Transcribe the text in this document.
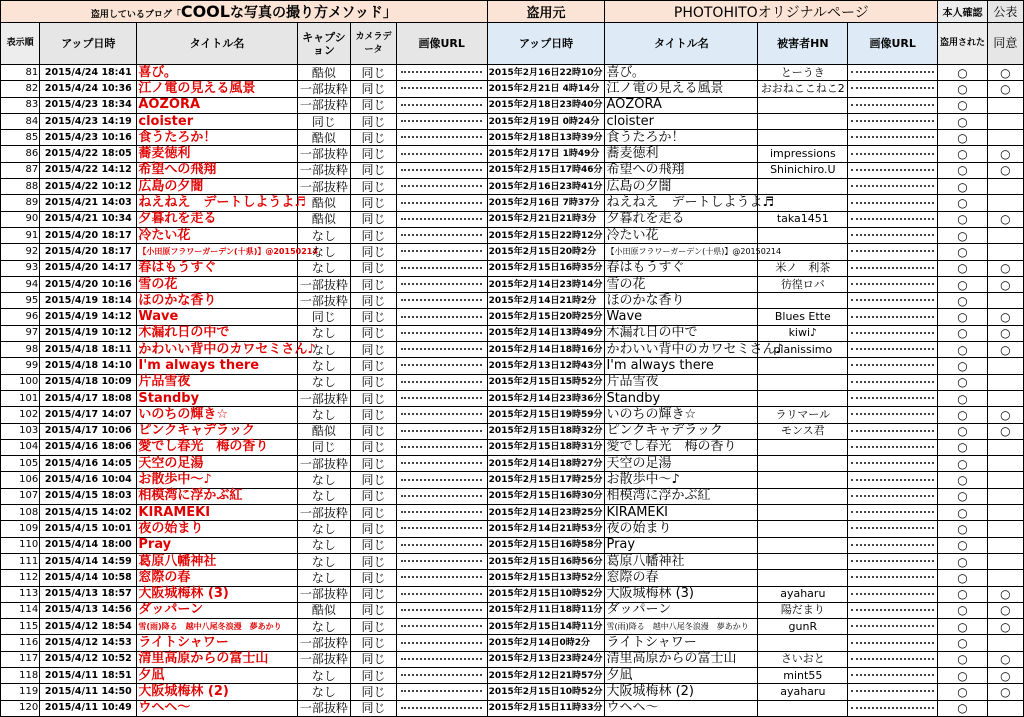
盗用しているブログ「COOLな写真の撮り方メソッド」						盗用元	PHOTOHITOオリジナルページ			本人確認	公表
表示順	アップ日時	タイトル名	キャプション	カメラデータ	画像URL	アップ日時	タイトル名	被害者HN	画像URL	盗用された	同意
81	2015/4/24 18:41	喜び。	酷似	同じ		2015年2月16日22時10分	喜び。	とーうき		○	○
82	2015/4/24 10:36	江ノ電の見える風景	一部抜粋	同じ		2015年2月21日 4時14分	江ノ電の見える風景	おおねここねこ2		○	○
83	2015/4/23 18:34	AOZORA	一部抜粋	同じ		2015年2月18日23時40分	AOZORA			○	
84	2015/4/23 14:19	cloister	同じ	同じ		2015年2月19日 0時24分	cloister			○	
85	2015/4/23 10:16	食うたろか！	酷似	同じ		2015年2月18日13時39分	食うたろか！			○	
86	2015/4/22 18:05	蕎麦徳利	一部抜粋	同じ		2015年2月17日 1時49分	蕎麦徳利	impressions		○	○
87	2015/4/22 14:12	希望への飛翔	一部抜粋	同じ		2015年2月15日17時46分	希望への飛翔	Shinichiro.U		○	○
88	2015/4/22 10:12	広島の夕闇	一部抜粋	同じ		2015年2月16日23時41分	広島の夕闇			○	
89	2015/4/21 14:03	ねえねえ　デートしようよ♬	酷似	同じ		2015年2月16日 7時37分	ねえねえ　デートしようよ♬			○	
90	2015/4/21 10:34	夕暮れを走る	酷似	同じ		2015年2月21日21時3分	夕暮れを走る	taka1451		○	○
91	2015/4/20 18:17	冷たい花	なし	同じ		2015年2月15日22時12分	冷たい花			○	
92	2015/4/20 18:17	【小田原フラワーガーデン(十県)】@20150214	なし	同じ		2015年2月15日20時2分	【小田原フラワーガーデン(十県)】@20150214			○	
93	2015/4/20 14:17	春はもうすぐ	なし	同じ		2015年2月15日16時35分	春はもうすぐ	米ノ　利茶		○	○
94	2015/4/20 10:16	雪の花	一部抜粋	同じ		2015年2月14日23時14分	雪の花	彷徨ロバ		○	○
95	2015/4/19 18:14	ほのかな香り	一部抜粋	同じ		2015年2月14日21時2分	ほのかな香り			○	
96	2015/4/19 14:12	Wave	同じ	同じ		2015年2月15日20時25分	Wave	Blues Ette		○	○
97	2015/4/19 10:12	木漏れ日の中で	なし	同じ		2015年2月14日13時49分	木漏れ日の中で	kiwi♪		○	○
98	2015/4/18 18:11	かわいい背中のカワセミさん♪	なし	同じ		2015年2月14日18時16分	かわいい背中のカワセミさん♪	pianissimo		○	○
99	2015/4/18 14:10	I'm always there	なし	同じ		2015年2月13日12時43分	I'm always there			○	
100	2015/4/18 10:09	片品雪夜	なし	同じ		2015年2月15日15時52分	片品雪夜			○	
101	2015/4/17 18:08	Standby	一部抜粋	同じ		2015年2月14日23時36分	Standby			○	
102	2015/4/17 14:07	いのちの輝き☆	なし	同じ		2015年2月15日19時59分	いのちの輝き☆	ラリマール		○	○
103	2015/4/17 10:06	ピンクキャデラック	酷似	同じ		2015年2月15日18時32分	ピンクキャデラック	モンス君		○	○
104	2015/4/16 18:06	愛でし春光　梅の香り	同じ	同じ		2015年2月15日18時31分	愛でし春光　梅の香り			○	
105	2015/4/16 14:05	天空の足湯	一部抜粋	同じ		2015年2月14日18時27分	天空の足湯			○	
106	2015/4/16 10:04	お散歩中～♪	なし	同じ		2015年2月15日17時25分	お散歩中～♪			○	
107	2015/4/15 18:03	相模湾に浮かぶ紅	なし	同じ		2015年2月15日16時30分	相模湾に浮かぶ紅			○	
108	2015/4/15 14:02	KIRAMEKI	一部抜粋	同じ		2015年2月14日23時25分	KIRAMEKI			○	
109	2015/4/15 10:01	夜の始まり	なし	同じ		2015年2月14日21時53分	夜の始まり			○	
110	2015/4/14 18:00	Pray	なし	同じ		2015年2月15日16時58分	Pray			○	
111	2015/4/14 14:59	葛原八幡神社	なし	同じ		2015年2月15日16時56分	葛原八幡神社			○	
112	2015/4/14 10:58	窓際の春	なし	同じ		2015年2月15日13時52分	窓際の春			○	
113	2015/4/13 18:57	大阪城梅林 (3)	一部抜粋	同じ		2015年2月15日10時52分	大阪城梅林 (3)	ayaharu		○	○
114	2015/4/13 14:56	ダッパーン	酷似	同じ		2015年2月11日18時11分	ダッパーン	陽だまり		○	○
115	2015/4/12 18:54	雪(雨)降る　越中八尾冬浪漫　夢あかり	なし	同じ		2015年2月15日14時11分	雪(雨)降る　越中八尾冬浪漫　夢あかり	gunR		○	○
116	2015/4/12 14:53	ライトシャワー	一部抜粋	同じ		2015年2月14日0時2分	ライトシャワー			○	
117	2015/4/12 10:52	清里高原からの富士山	一部抜粋	同じ		2015年2月13日23時24分	清里高原からの富士山	さいおと		○	○
118	2015/4/11 18:51	夕凪	なし	同じ		2015年2月12日21時57分	夕凪	mint55		○	○
119	2015/4/11 14:50	大阪城梅林 (2)	なし	同じ		2015年2月15日10時52分	大阪城梅林 (2)	ayaharu		○	○
120	2015/4/11 10:49	ウヘヘ～	一部抜粋	同じ		2015年2月15日11時33分	ウヘヘ～			○	
